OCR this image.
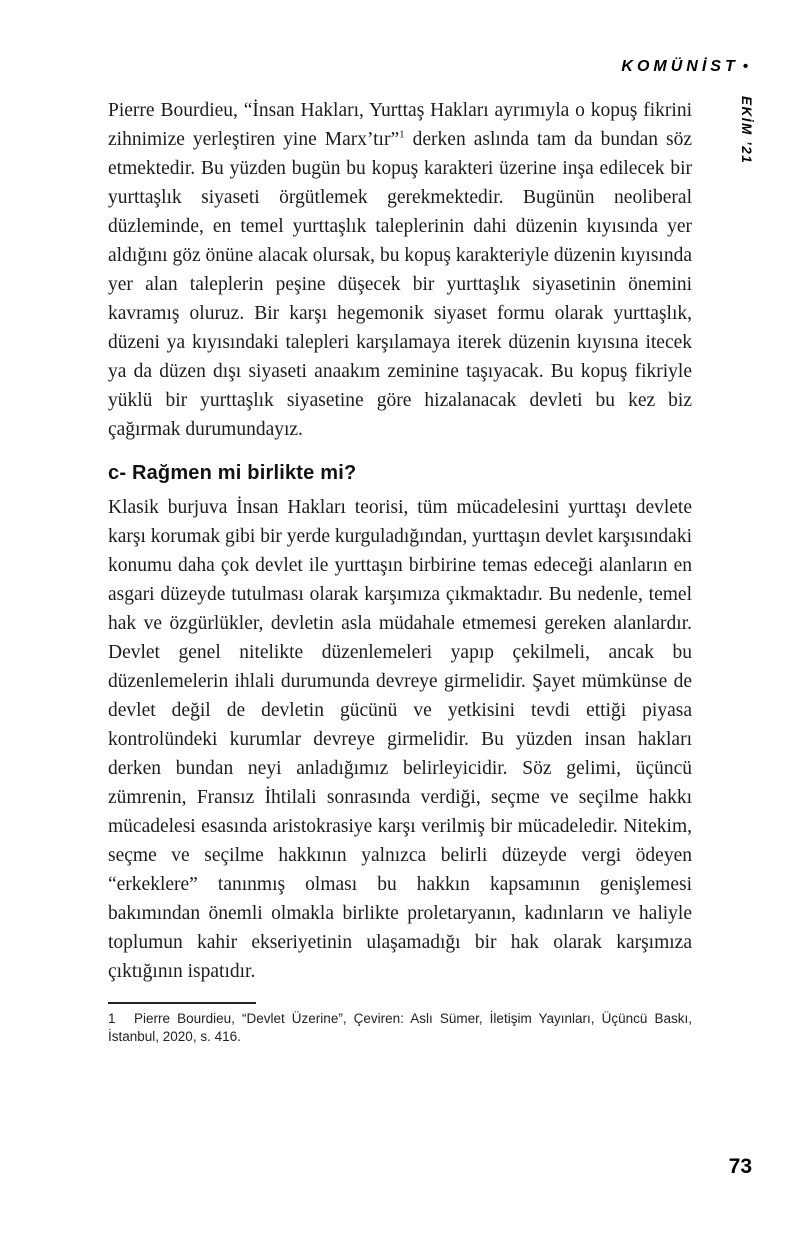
KOMÜNİST •
EKİM ’21

Pierre Bourdieu, “İnsan Hakları, Yurttaş Hakları ayrımıyla o kopuş fikrini zihnimize yerleştiren yine Marx’tır”$^1$ derken aslında tam da bundan söz etmektedir. Bu yüzden bugün bu kopuş karakteri üzerine inşa edilecek bir yurttaşlık siyaseti örgütlemek gerekmektedir. Bugünün neoliberal düzleminde, en temel yurttaşlık taleplerinin dahi düzenin kıyısında yer aldığını göz önüne alacak olursak, bu kopuş karakteriyle düzenin kıyısında yer alan taleplerin peşine düşecek bir yurttaşlık siyasetinin önemini kavramış oluruz. Bir karşı hegemonik siyaset formu olarak yurttaşlık, düzeni ya kıyısındaki talepleri karşılamaya iterek düzenin kıyısına itecek ya da düzen dışı siyaseti anaakım zeminine taşıyacak. Bu kopuş fikriyle yüklü bir yurttaşlık siyasetine göre hizalanacak devleti bu kez biz çağırmak durumundayız.

c- Rağmen mi birlikte mi?

Klasik burjuva İnsan Hakları teorisi, tüm mücadelesini yurttaşı devlete karşı korumak gibi bir yerde kurguladığından, yurttaşın devlet karşısındaki konumu daha çok devlet ile yurttaşın birbirine temas edeceği alanların en asgari düzeyde tutulması olarak karşımıza çıkmaktadır. Bu nedenle, temel hak ve özgürlükler, devletin asla müdahale etmemesi gereken alanlardır. Devlet genel nitelikte düzenlemeleri yapıp çekilmeli, ancak bu düzenlemelerin ihlali durumunda devreye girmelidir. Şayet mümkünse de devlet değil de devletin gücünü ve yetkisini tevdi ettiği piyasa kontrolündeki kurumlar devreye girmelidir. Bu yüzden insan hakları derken bundan neyi anladığımız belirleyicidir. Söz gelimi, üçüncü zümrenin, Fransız İhtilali sonrasında verdiği, seçme ve seçilme hakkı mücadelesi esasında aristokrasiye karşı verilmiş bir mücadeledir. Nitekim, seçme ve seçilme hakkının yalnızca belirli düzeyde vergi ödeyen “erkeklere” tanınmış olması bu hakkın kapsamının genişlemesi bakımından önemli olmakla birlikte proletaryanın, kadınların ve haliyle toplumun kahir ekseriyetinin ulaşamadığı bir hak olarak karşımıza çıktığının ispatıdır.

1 Pierre Bourdieu, “Devlet Üzerine”, Çeviren: Aslı Sümer, İletişim Yayınları, Üçüncü Baskı, İstanbul, 2020, s. 416.

73
